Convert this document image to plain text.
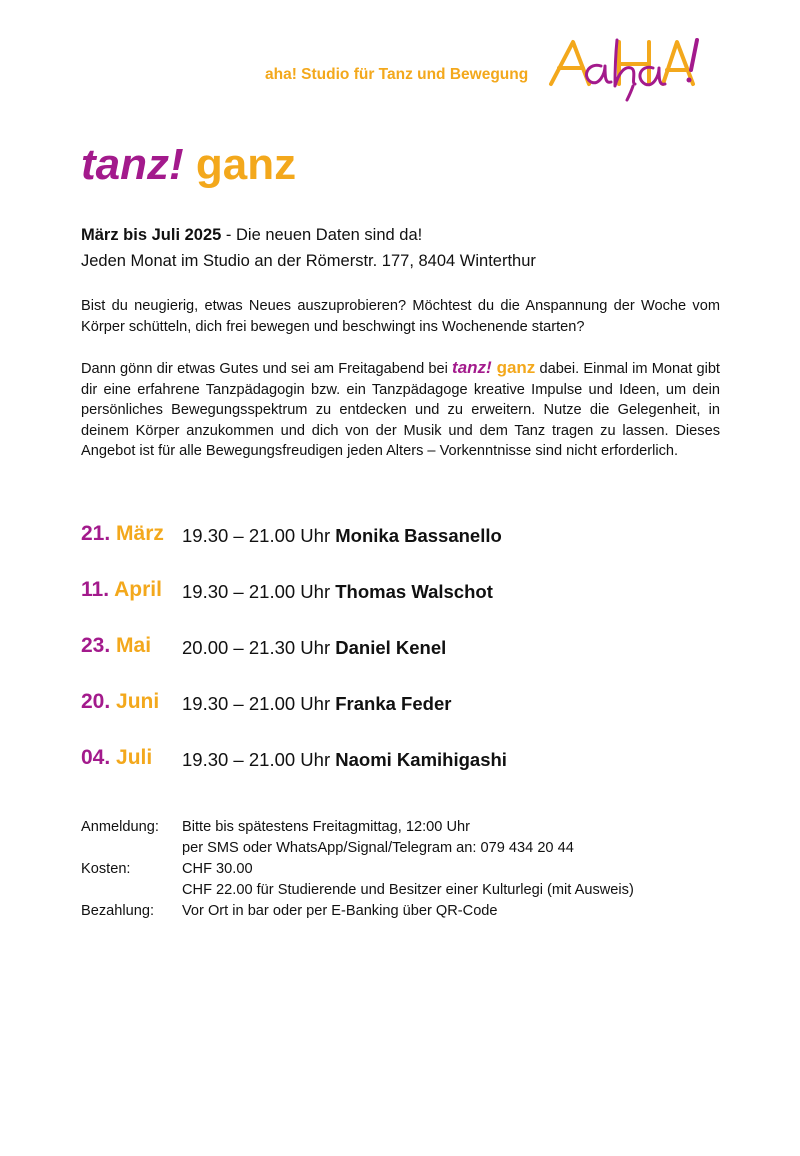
aha! Studio für Tanz und Bewegung
tanz! ganz
März bis Juli 2025 - Die neuen Daten sind da!
Jeden Monat im Studio an der Römerstr. 177, 8404 Winterthur

Bist du neugierig, etwas Neues auszuprobieren? Möchtest du die Anspannung der Woche vom Körper schütteln, dich frei bewegen und beschwingt ins Wochenende starten?

Dann gönn dir etwas Gutes und sei am Freitagabend bei tanz! ganz dabei. Einmal im Monat gibt dir eine erfahrene Tanzpädagogin bzw. ein Tanzpädagoge kreative Impulse und Ideen, um dein persönliches Bewegungsspektrum zu entdecken und zu erweitern. Nutze die Gelegenheit, in deinem Körper anzukommen und dich von der Musik und dem Tanz tragen zu lassen. Dieses Angebot ist für alle Bewegungsfreudigen jeden Alters – Vorkenntnisse sind nicht erforderlich.

21. März 19.30 – 21.00 Uhr Monika Bassanello
11. April 19.30 – 21.00 Uhr Thomas Walschot
23. Mai 20.00 – 21.30 Uhr Daniel Kenel
20. Juni 19.30 – 21.00 Uhr Franka Feder
04. Juli 19.30 – 21.00 Uhr Naomi Kamihigashi
Anmeldung: Bitte bis spätestens Freitagmittag, 12:00 Uhr
per SMS oder WhatsApp/Signal/Telegram an: 079 434 20 44
Kosten:	CHF 30.00
CHF 22.00 für Studierende und Besitzer einer Kulturlegi (mit Ausweis)
Bezahlung: Vor Ort in bar oder per E-Banking über QR-Code
